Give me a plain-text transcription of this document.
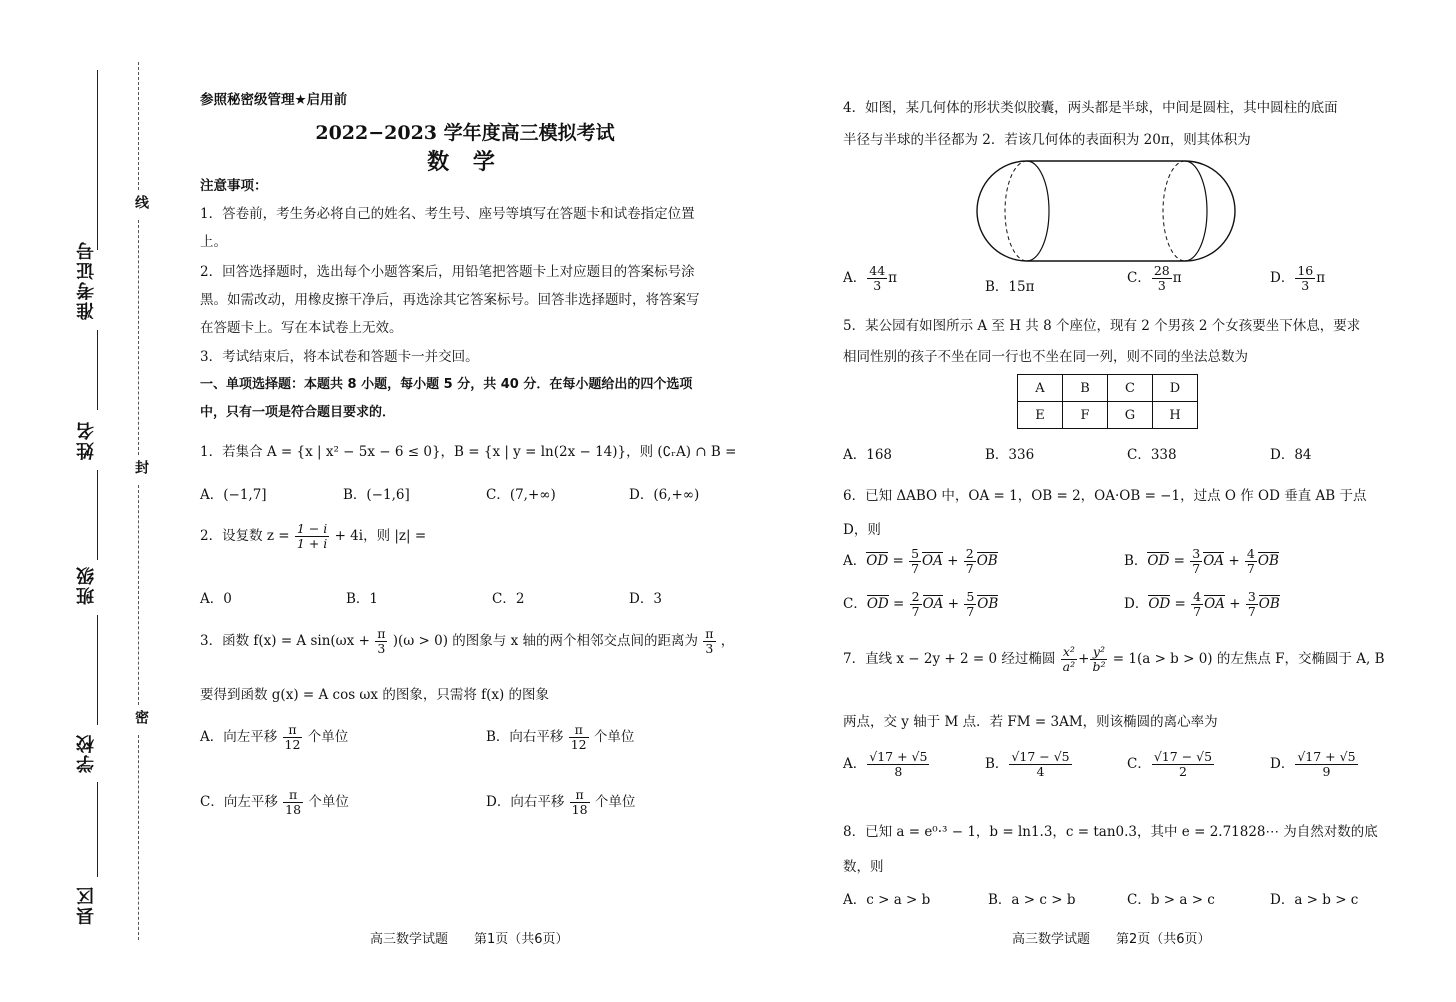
准考证号
姓名
班级
学校
县区
线
封
密
参照秘密级管理★启用前
2022−2023 学年度高三模拟考试
数 学
注意事项：
1．答卷前，考生务必将自己的姓名、考生号、座号等填写在答题卡和试卷指定位置
上。
2．回答选择题时，选出每个小题答案后，用铅笔把答题卡上对应题目的答案标号涂
黑。如需改动，用橡皮擦干净后，再选涂其它答案标号。回答非选择题时，将答案写
在答题卡上。写在本试卷上无效。
3．考试结束后，将本试卷和答题卡一并交回。
一、单项选择题：本题共 8 小题，每小题 5 分，共 40 分．在每小题给出的四个选项
中，只有一项是符合题目要求的．
1．若集合 A = {x | x² − 5x − 6 ≤ 0}，B = {x | y = ln(2x − 14)}，则 (∁ᵣA) ∩ B =
A．(−1,7]	B．(−1,6]	C．(7,+∞)	D．(6,+∞)
2．设复数 $z = \frac{1 - i}{1 + i} + 4i$，则 |z| =
A．0	B．1	C．2	D．3
3．函数 f(x) = A $\sin(\omega x + \frac{\pi}{3} )(\omega > 0)$ 的图象与 x 轴的两个相邻交点间的距离为 $\frac{\pi}{3}$ ，
要得到函数 g(x) = A cos ωx 的图象，只需将 f(x) 的图象
A．向左平移 $\frac{\pi}{12}$ 个单位	B．向右平移 $\frac{\pi}{12}$ 个单位
C．向左平移 $\frac{\pi}{18}$ 个单位	D．向右平移 $\frac{\pi}{18}$ 个单位
高三数学试题　　第1页（共6页）
4．如图，某几何体的形状类似胶囊，两头都是半球，中间是圆柱，其中圆柱的底面
半径与半球的半径都为 2．若该几何体的表面积为 20π，则其体积为
A． $\frac{44}{3}$ π
B．15π
C． $\frac{28}{3}$ π	D． $\frac{16}{3}$ π
5．某公园有如图所示 A 至 H 共 8 个座位，现有 2 个男孩 2 个女孩要坐下休息，要求
相同性别的孩子不坐在同一行也不坐在同一列，则不同的坐法总数为
A	B	C	D
E	F	G	H
A．168	B．336	C．338	D．84
6．已知 ΔABO 中，OA = 1，OB = 2，OA·OB = −1，过点 O 作 OD 垂直 AB 于点
D，则
A．OD = $\frac{5}{7}$ OA + $\frac{2}{7}$ OB	B．OD = $\frac{3}{7}$ OA + $\frac{4}{7}$ OB
C．OD = $\frac{2}{7}$ OA + $\frac{5}{7}$ OB	D．OD = $\frac{4}{7}$ OA + $\frac{3}{7}$ OB
7．直线 x − 2y + 2 = 0 经过椭圆 $\frac{\text{x²}}{\text{a²}} + \frac{\text{y²}}{\text{b²}} = 1(a > b > 0)$ 的左焦点 F，交椭圆于 A, B
两点，交 y 轴于 M 点．若 FM = 3AM，则该椭圆的离心率为
A． $\frac{√17 + √5}{8}$	B． $\frac{√17 - √5}{4}$	C． $\frac{√17 - √5}{2}$	D． $\frac{√17 + √5}{9}$
8．已知 a = e⁰·³ − 1，b = ln1.3，c = tan0.3，其中 e = 2.71828⋯ 为自然对数的底
数，则
A．c > a > b	B．a > c > b	C．b > a > c	D．a > b > c
高三数学试题　　第2页（共6页）
